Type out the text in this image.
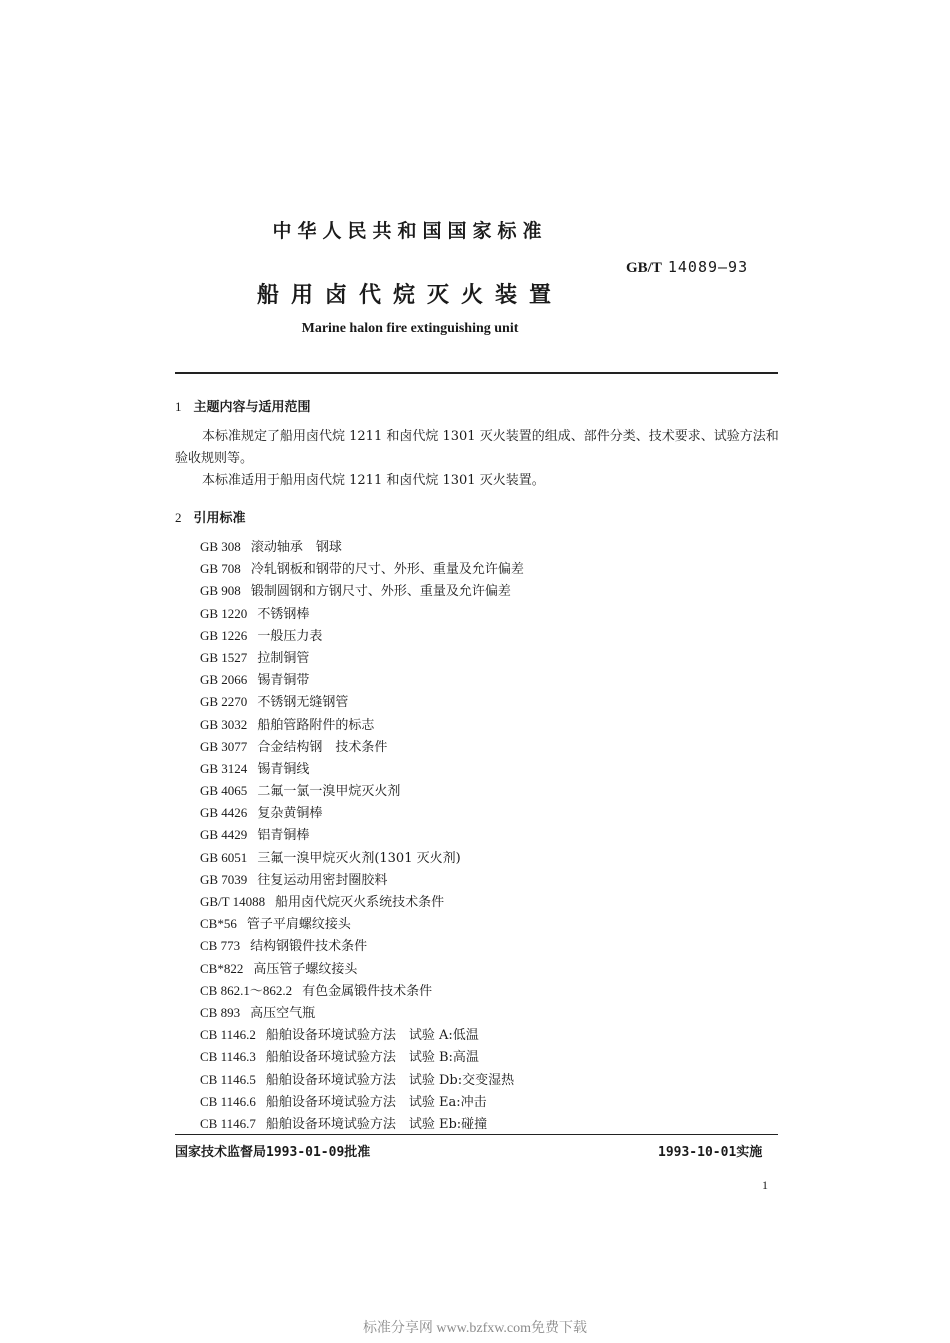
中华人民共和国国家标准
GB/T 14089—93
船用卤代烷灭火装置
Marine halon fire extinguishing unit
1 主题内容与适用范围
本标准规定了船用卤代烷 1211 和卤代烷 1301 灭火装置的组成、部件分类、技术要求、试验方法和
验收规则等。
本标准适用于船用卤代烷 1211 和卤代烷 1301 灭火装置。
2 引用标准
GB 308 滚动轴承　钢球
GB 708 冷轧钢板和钢带的尺寸、外形、重量及允许偏差
GB 908 锻制圆钢和方钢尺寸、外形、重量及允许偏差
GB 1220 不锈钢棒
GB 1226 一般压力表
GB 1527 拉制铜管
GB 2066 锡青铜带
GB 2270 不锈钢无缝钢管
GB 3032 船舶管路附件的标志
GB 3077 合金结构钢　技术条件
GB 3124 锡青铜线
GB 4065 二氟一氯一溴甲烷灭火剂
GB 4426 复杂黄铜棒
GB 4429 铝青铜棒
GB 6051 三氟一溴甲烷灭火剂(1301 灭火剂)
GB 7039 往复运动用密封圈胶料
GB/T 14088 船用卤代烷灭火系统技术条件
CB*56 管子平肩螺纹接头
CB 773 结构钢锻件技术条件
CB*822 高压管子螺纹接头
CB 862.1～862.2 有色金属锻件技术条件
CB 893 高压空气瓶
CB 1146.2 船舶设备环境试验方法　试验 A:低温
CB 1146.3 船舶设备环境试验方法　试验 B:高温
CB 1146.5 船舶设备环境试验方法　试验 Db:交变湿热
CB 1146.6 船舶设备环境试验方法　试验 Ea:冲击
CB 1146.7 船舶设备环境试验方法　试验 Eb:碰撞
国家技术监督局1993-01-09批准	1993-10-01实施
1
标准分享网 www.bzfxw.com免费下载
